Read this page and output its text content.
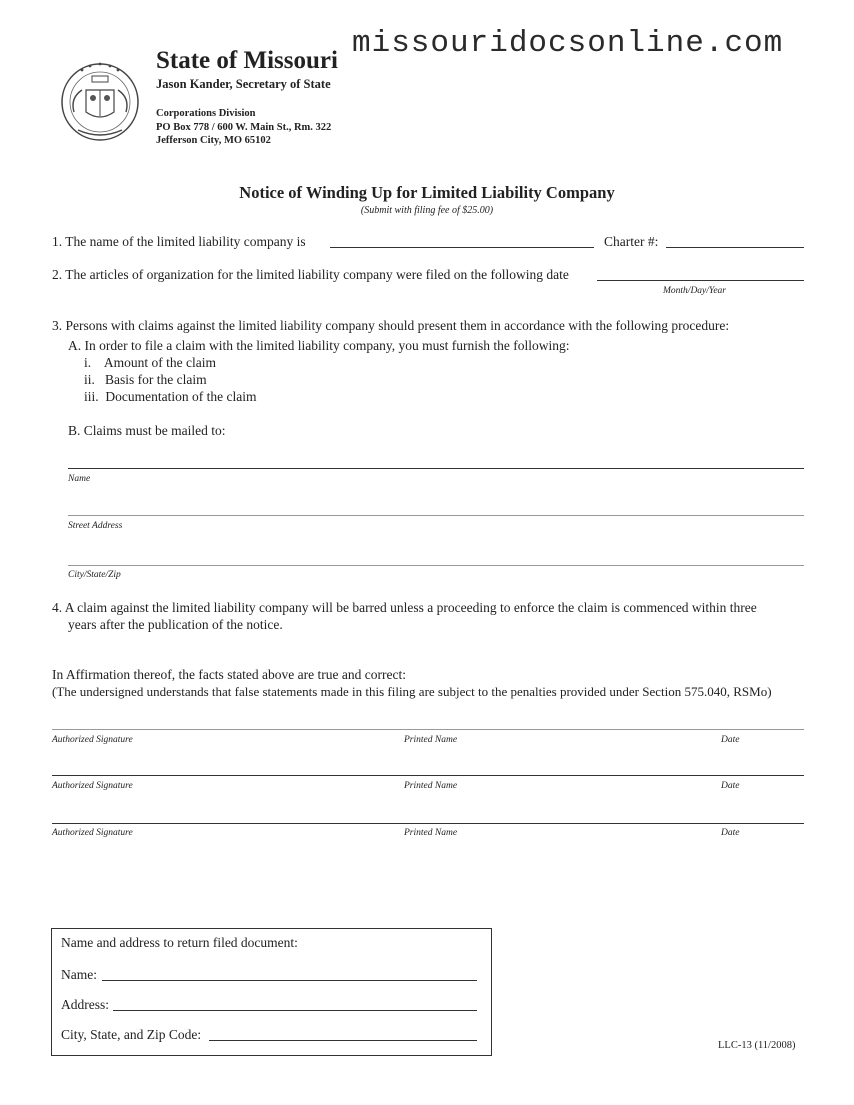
missouridocsonline.com
State of Missouri
Jason Kander, Secretary of State
Corporations Division
PO Box 778 / 600 W. Main St., Rm. 322
Jefferson City, MO 65102
Notice of Winding Up for Limited Liability Company
(Submit with filing fee of $25.00)
1. The name of the limited liability company is	Charter #:
2. The articles of organization for the limited liability company were filed on the following date
Month/Day/Year
3. Persons with claims against the limited liability company should present them in accordance with the following procedure:
A. In order to file a claim with the limited liability company, you must furnish the following:
i.    Amount of the claim
ii.   Basis for the claim
iii.  Documentation of the claim
B. Claims must be mailed to:
Name
Street Address
City/State/Zip
4. A claim against the limited liability company will be barred unless a proceeding to enforce the claim is commenced within three
years after the publication of the notice.
In Affirmation thereof, the facts stated above are true and correct:
(The undersigned understands that false statements made in this filing are subject to the penalties provided under Section 575.040, RSMo)
Authorized Signature	Printed Name	Date
Authorized Signature	Printed Name	Date
Authorized Signature	Printed Name	Date
Name and address to return filed document:
Name:
Address:
City, State, and Zip Code:
LLC-13 (11/2008)
